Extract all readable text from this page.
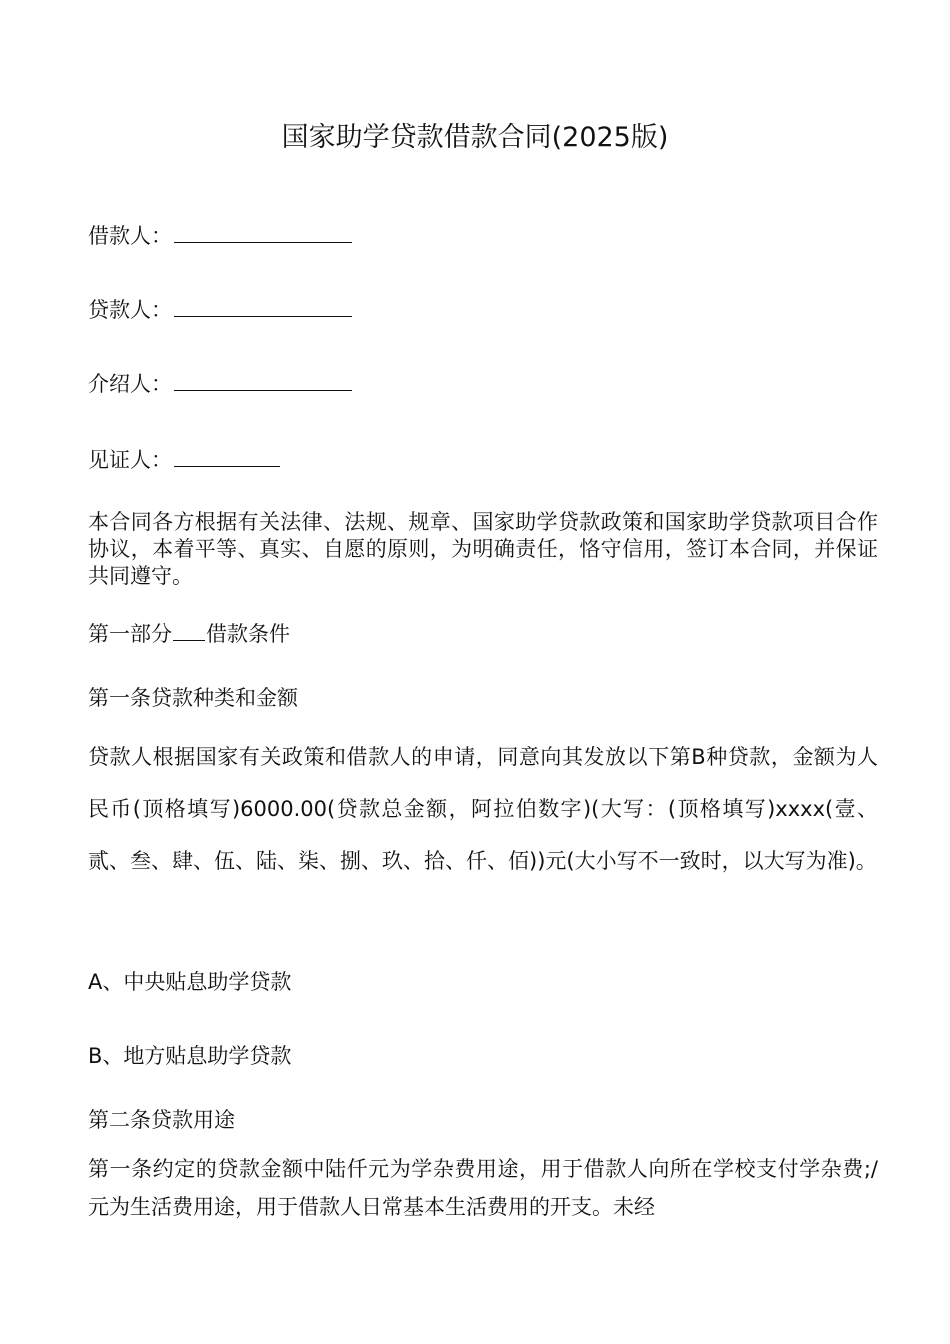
国家助学贷款借款合同(2025版)
借款人：
贷款人：
介绍人：
见证人：
本合同各方根据有关法律、法规、规章、国家助学贷款政策和国家助学贷款项目合作协议，本着平等、真实、自愿的原则，为明确责任，恪守信用，签订本合同，并保证共同遵守。
第一部分 借款条件
第一条贷款种类和金额
贷款人根据国家有关政策和借款人的申请，同意向其发放以下第B种贷款，金额为人民币(顶格填写)6000.00(贷款总金额，阿拉伯数字)(大写：(顶格填写)xxxx(壹、贰、叁、肆、伍、陆、柒、捌、玖、拾、仟、佰))元(大小写不一致时，以大写为准)。
A、中央贴息助学贷款
B、地方贴息助学贷款
第二条贷款用途
第一条约定的贷款金额中陆仟元为学杂费用途，用于借款人向所在学校支付学杂费;/元为生活费用途，用于借款人日常基本生活费用的开支。未经
